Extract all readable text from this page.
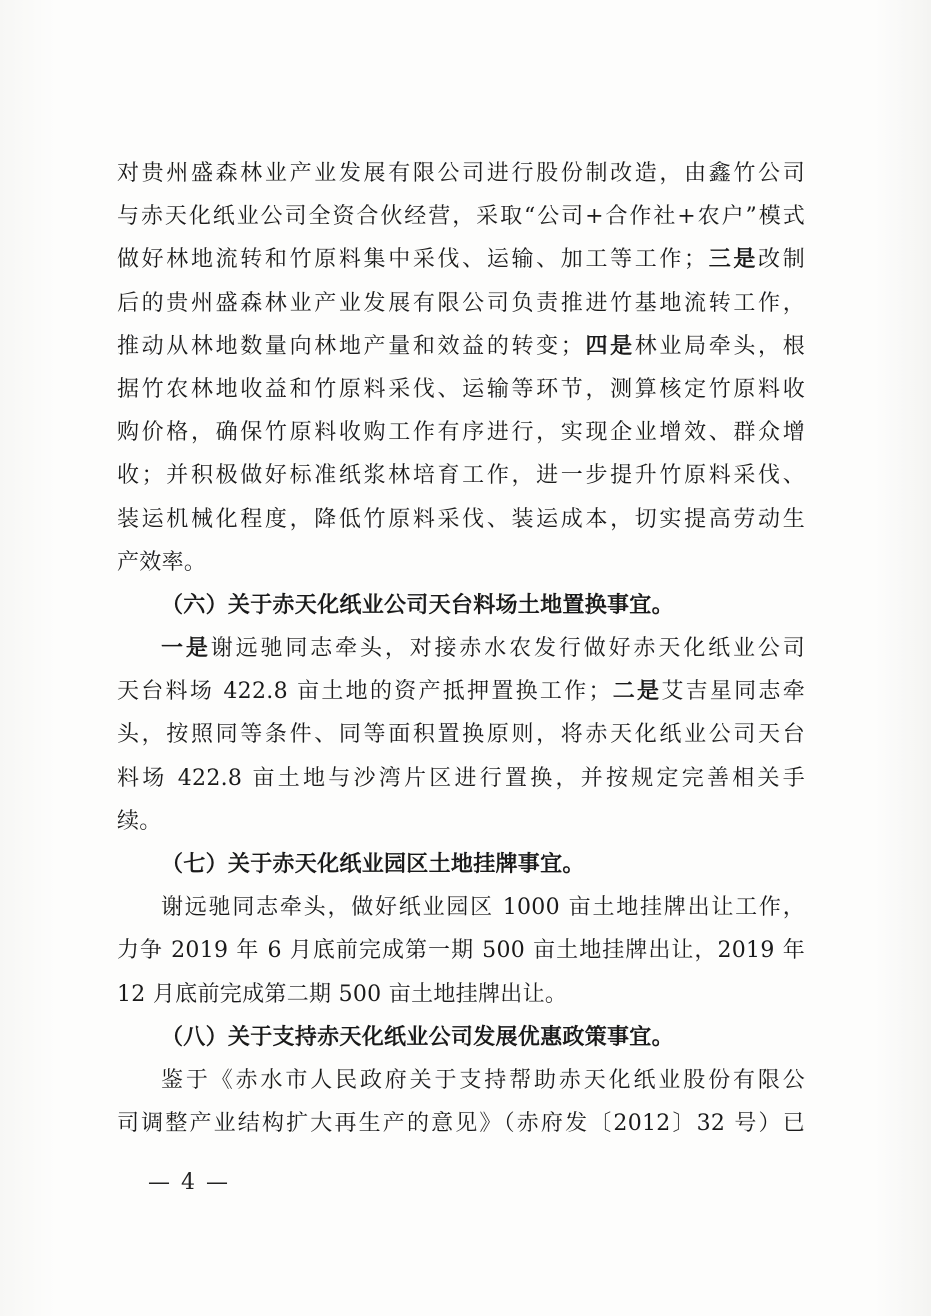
对贵州盛森林业产业发展有限公司进行股份制改造，由鑫竹公司
与赤天化纸业公司全资合伙经营，采取“公司+合作社+农户”模式
做好林地流转和竹原料集中采伐、运输、加工等工作；三是改制
后的贵州盛森林业产业发展有限公司负责推进竹基地流转工作，
推动从林地数量向林地产量和效益的转变；四是林业局牵头，根
据竹农林地收益和竹原料采伐、运输等环节，测算核定竹原料收
购价格，确保竹原料收购工作有序进行，实现企业增效、群众增
收；并积极做好标准纸浆林培育工作，进一步提升竹原料采伐、
装运机械化程度，降低竹原料采伐、装运成本，切实提高劳动生
产效率。
（六）关于赤天化纸业公司天台料场土地置换事宜。
一是谢远驰同志牵头，对接赤水农发行做好赤天化纸业公司
天台料场 422.8 亩土地的资产抵押置换工作；二是艾吉星同志牵
头，按照同等条件、同等面积置换原则，将赤天化纸业公司天台
料场 422.8 亩土地与沙湾片区进行置换，并按规定完善相关手
续。
（七）关于赤天化纸业园区土地挂牌事宜。
谢远驰同志牵头，做好纸业园区 1000 亩土地挂牌出让工作，
力争 2019 年 6 月底前完成第一期 500 亩土地挂牌出让，2019 年
12 月底前完成第二期 500 亩土地挂牌出让。
（八）关于支持赤天化纸业公司发展优惠政策事宜。
鉴于《赤水市人民政府关于支持帮助赤天化纸业股份有限公
司调整产业结构扩大再生产的意见》（赤府发〔2012〕32 号）已
— 4 —
